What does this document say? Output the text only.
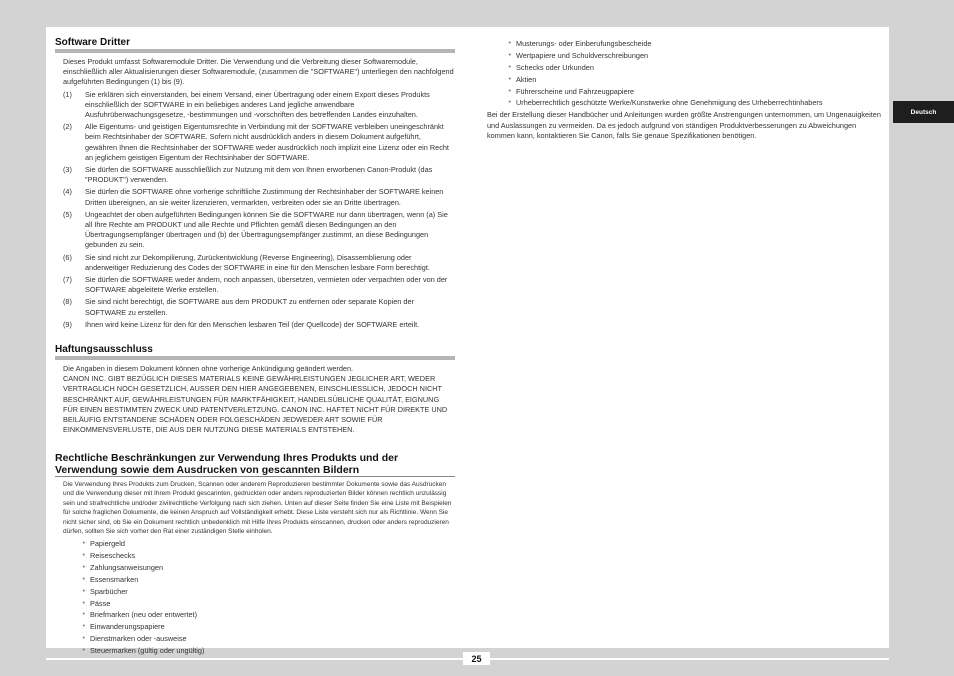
Software Dritter

Dieses Produkt umfasst Softwaremodule Dritter. Die Verwendung und die Verbreitung dieser Softwaremodule, einschließlich aller Aktualisierungen dieser Softwaremodule, (zusammen die "SOFTWARE") unterliegen den nachfolgend aufgeführten Bedingungen (1) bis (9).

(1)	Sie erklären sich einverstanden, bei einem Versand, einer Übertragung oder einem Export dieses Produkts einschließlich der SOFTWARE in ein beliebiges anderes Land jegliche anwendbare Ausfuhrüberwachungsgesetze, -bestimmungen und -vorschriften des betreffenden Landes einzuhalten.
(2)	Alle Eigentums- und geistigen Eigentumsrechte in Verbindung mit der SOFTWARE verbleiben uneingeschränkt beim Rechtsinhaber der SOFTWARE. Sofern nicht ausdrücklich anders in diesem Dokument aufgeführt, gewähren Ihnen die Rechtsinhaber der SOFTWARE weder ausdrücklich noch implizit eine Lizenz oder ein Recht an jeglichem geistigen Eigentum der Rechtsinhaber der SOFTWARE.
(3)	Sie dürfen die SOFTWARE ausschließlich zur Nutzung mit dem von Ihnen erworbenen Canon-Produkt (das "PRODUKT") verwenden.
(4)	Sie dürfen die SOFTWARE ohne vorherige schriftliche Zustimmung der Rechtsinhaber der SOFTWARE keinen Dritten übereignen, an sie weiter lizenzieren, vermarkten, verbreiten oder sie an Dritte übertragen.
(5)	Ungeachtet der oben aufgeführten Bedingungen können Sie die SOFTWARE nur dann übertragen, wenn (a) Sie all Ihre Rechte am PRODUKT und alle Rechte und Pflichten gemäß diesen Bedingungen an den Übertragungsempfänger übertragen und (b) der Übertragungsempfänger zustimmt, an diese Bedingungen gebunden zu sein.
(6)	Sie sind nicht zur Dekompilierung, Zurückentwicklung (Reverse Engineering), Disassemblierung oder anderweitiger Reduzierung des Codes der SOFTWARE in eine für den Menschen lesbare Form berechtigt.
(7)	Sie dürfen die SOFTWARE weder ändern, noch anpassen, übersetzen, vermieten oder verpachten oder von der SOFTWARE abgeleitete Werke erstellen.
(8)	Sie sind nicht berechtigt, die SOFTWARE aus dem PRODUKT zu entfernen oder separate Kopien der SOFTWARE zu erstellen.
(9)	Ihnen wird keine Lizenz für den für den Menschen lesbaren Teil (der Quellcode) der SOFTWARE erteilt.
Haftungsausschluss

Die Angaben in diesem Dokument können ohne vorherige Ankündigung geändert werden.

CANON INC. GIBT BEZÜGLICH DIESES MATERIALS KEINE GEWÄHRLEISTUNGEN JEGLICHER ART, WEDER VERTRAGLICH NOCH GESETZLICH, AUSSER DEN HIER ANGEGEBENEN, EINSCHLIESSLICH, JEDOCH NICHT BESCHRÄNKT AUF, GEWÄHRLEISTUNGEN FÜR MARKTFÄHIGKEIT, HANDELSÜBLICHE QUALITÄT, EIGNUNG FÜR EINEN BESTIMMTEN ZWECK UND PATENTVERLETZUNG. CANON INC. HAFTET NICHT FÜR DIREKTE UND BEILÄUFIG ENTSTANDENE SCHÄDEN ODER FOLGESCHÄDEN JEDWEDER ART SOWIE FÜR EINKOMMENSVERLUSTE, DIE AUS DER NUTZUNG DIESE MATERIALS ENTSTEHEN.

Rechtliche Beschränkungen zur Verwendung Ihres Produkts und der
Verwendung sowie dem Ausdrucken von gescannten Bildern

Die Verwendung Ihres Produkts zum Drucken, Scannen oder anderem Reproduzieren bestimmter Dokumente sowie das Ausdrucken und die Verwendung dieser mit Ihrem Produkt gescannten, gedruckten oder anders reproduzierten Bilder können rechtlich unzulässig sein und strafrechtliche und/oder zivilrechtliche Verfolgung nach sich ziehen. Unten auf dieser Seite finden Sie eine Liste mit Beispielen für solche fraglichen Dokumente, die keinen Anspruch auf Vollständigkeit erhebt. Diese Liste versteht sich nur als Richtlinie. Wenn Sie nicht sicher sind, ob Sie ein Dokument rechtlich unbedenklich mit Hilfe Ihres Produkts einscannen, drucken oder anders reproduzieren dürfen, sollten Sie sich vorher den Rat einer zuständigen Stelle einholen.

• Papiergeld
• Reiseschecks
• Zahlungsanweisungen
• Essensmarken
• Sparbücher
• Pässe
• Briefmarken (neu oder entwertet)
• Einwanderungspapiere
• Dienstmarken oder -ausweise
• Steuermarken (gültig oder ungültig)
• Musterungs- oder Einberufungsbescheide
• Wertpapiere und Schuldverschreibungen
• Schecks oder Urkunden
• Aktien
• Führerscheine und Fahrzeugpapiere
• Urheberrechtlich geschützte Werke/Kunstwerke ohne Genehmigung des Urheberrechtinhabers

Bei der Erstellung dieser Handbücher und Anleitungen wurden größte Anstrengungen unternommen, um Ungenauigkeiten und Auslassungen zu vermeiden. Da es jedoch aufgrund von ständigen Produktverbesserungen zu Abweichungen kommen kann, kontaktieren Sie Canon, falls Sie genaue Spezifikationen benötigen.

Deutsch
25
